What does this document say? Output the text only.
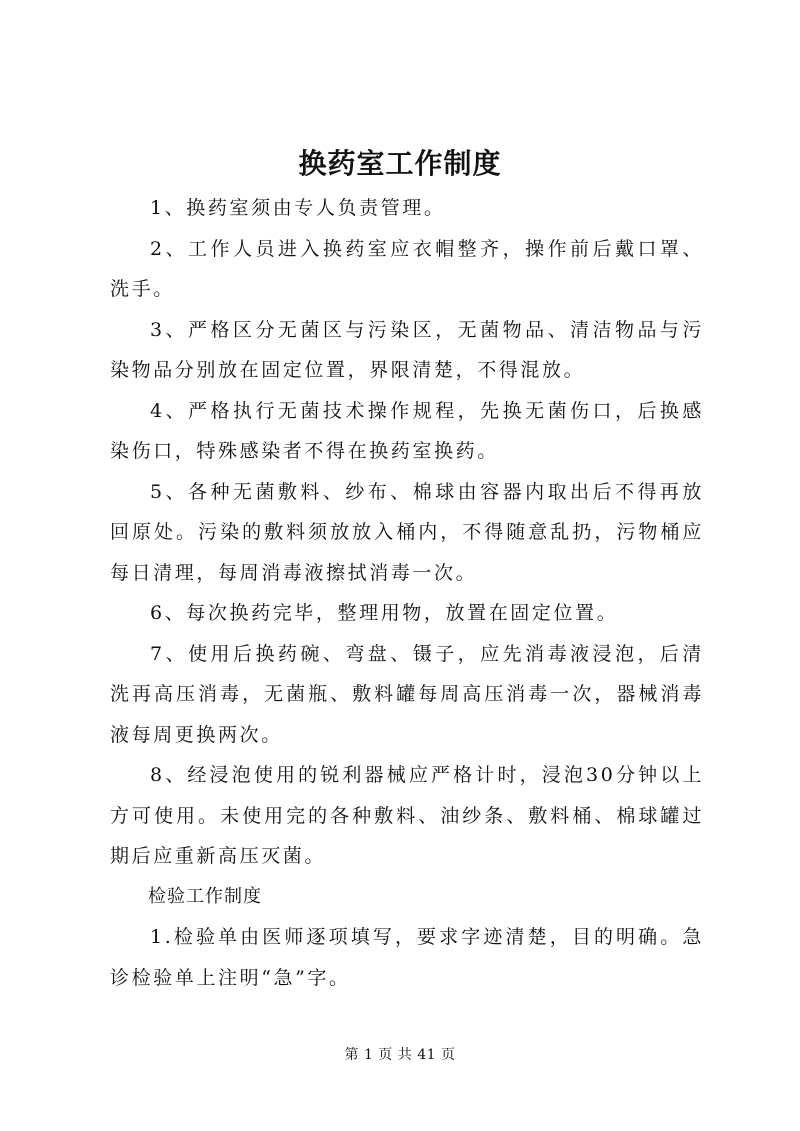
换药室工作制度

1、换药室须由专人负责管理。

2、工作人员进入换药室应衣帽整齐，操作前后戴口罩、洗手。

3、严格区分无菌区与污染区，无菌物品、清洁物品与污染物品分别放在固定位置，界限清楚，不得混放。

4、严格执行无菌技术操作规程，先换无菌伤口，后换感染伤口，特殊感染者不得在换药室换药。

5、各种无菌敷料、纱布、棉球由容器内取出后不得再放回原处。污染的敷料须放放入桶内，不得随意乱扔，污物桶应每日清理，每周消毒液擦拭消毒一次。

6、每次换药完毕，整理用物，放置在固定位置。

7、使用后换药碗、弯盘、镊子，应先消毒液浸泡，后清洗再高压消毒，无菌瓶、敷料罐每周高压消毒一次，器械消毒液每周更换两次。

8、经浸泡使用的锐利器械应严格计时，浸泡30分钟以上方可使用。未使用完的各种敷料、油纱条、敷料桶、棉球罐过期后应重新高压灭菌。

检验工作制度

1.检验单由医师逐项填写，要求字迹清楚，目的明确。急诊检验单上注明“急”字。

第 1 页 共 41 页
